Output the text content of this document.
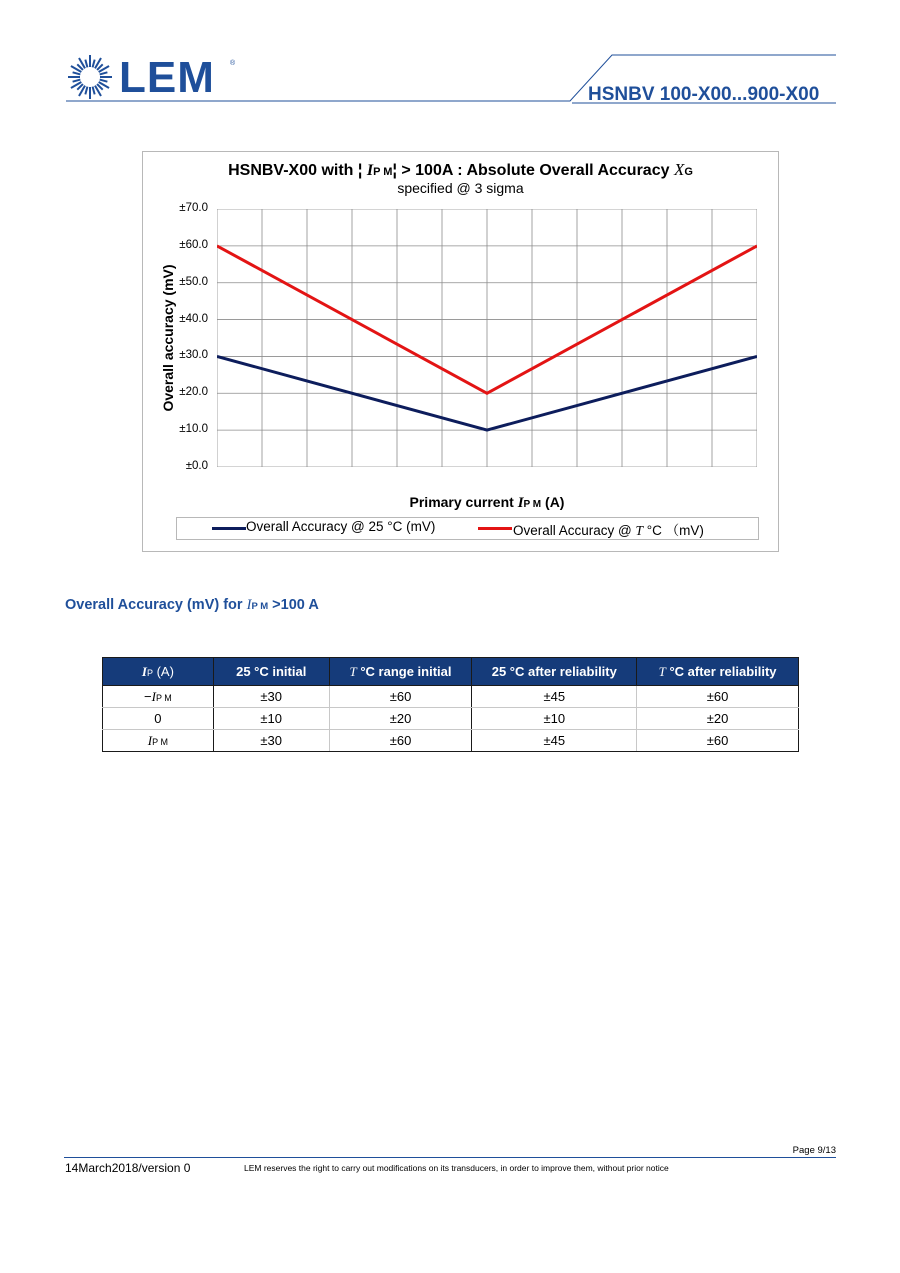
LEM ®
HSNBV 100-X00...900-X00
HSNBV-X00 with ¦ IP M¦ > 100A : Absolute Overall Accuracy XG
specified @ 3 sigma
±70.0
±60.0
±50.0
±40.0
±30.0
±20.0
±10.0
±0.0
Overall accuracy (mV)
Primary current IP M (A)
Overall Accuracy @ 25 °C (mV)	Overall Accuracy @ T °C （mV)
Overall Accuracy (mV) for IP M >100 A
IP (A)	25 °C initial	T °C range initial	25 °C after reliability	T °C after reliability
−IP M	±30	±60	±45	±60
0	±10	±20	±10	±20
IP M	±30	±60	±45	±60
Page 9/13
14March2018/version 0	LEM reserves the right to carry out modifications on its transducers, in order to improve them, without prior notice
